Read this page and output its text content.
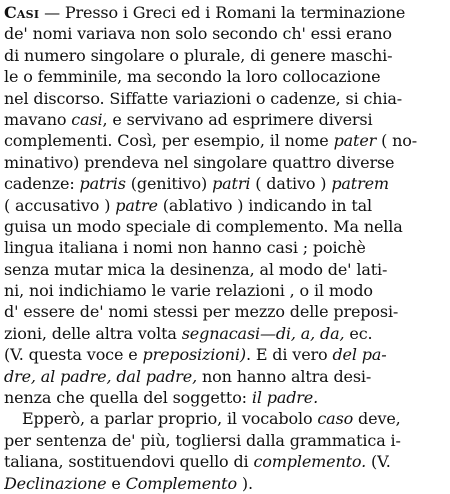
Casi — Presso i Greci ed i Romani la terminazione
de' nomi variava non solo secondo ch' essi erano
di numero singolare o plurale, di genere maschi-
le o femminile, ma secondo la loro collocazione
nel discorso. Siffatte variazioni o cadenze, si chia-
mavano casi, e servivano ad esprimere diversi
complementi. Così, per esempio, il nome pater ( no-
minativo) prendeva nel singolare quattro diverse
cadenze: patris (genitivo) patri ( dativo ) patrem
( accusativo ) patre (ablativo ) indicando in tal
guisa un modo speciale di complemento. Ma nella
lingua italiana i nomi non hanno casi ; poichè
senza mutar mica la desinenza, al modo de' lati-
ni, noi indichiamo le varie relazioni , o il modo
d' essere de' nomi stessi per mezzo delle preposi-
zioni, delle altra volta segnacasi—di, a, da, ec.
(V. questa voce e preposizioni). E di vero del pa-
dre, al padre, dal padre, non hanno altra desi-
nenza che quella del soggetto: il padre.
Epperò, a parlar proprio, il vocabolo caso deve,
per sentenza de' più, togliersi dalla grammatica i-
taliana, sostituendovi quello di complemento. (V.
Declinazione e Complemento ).
